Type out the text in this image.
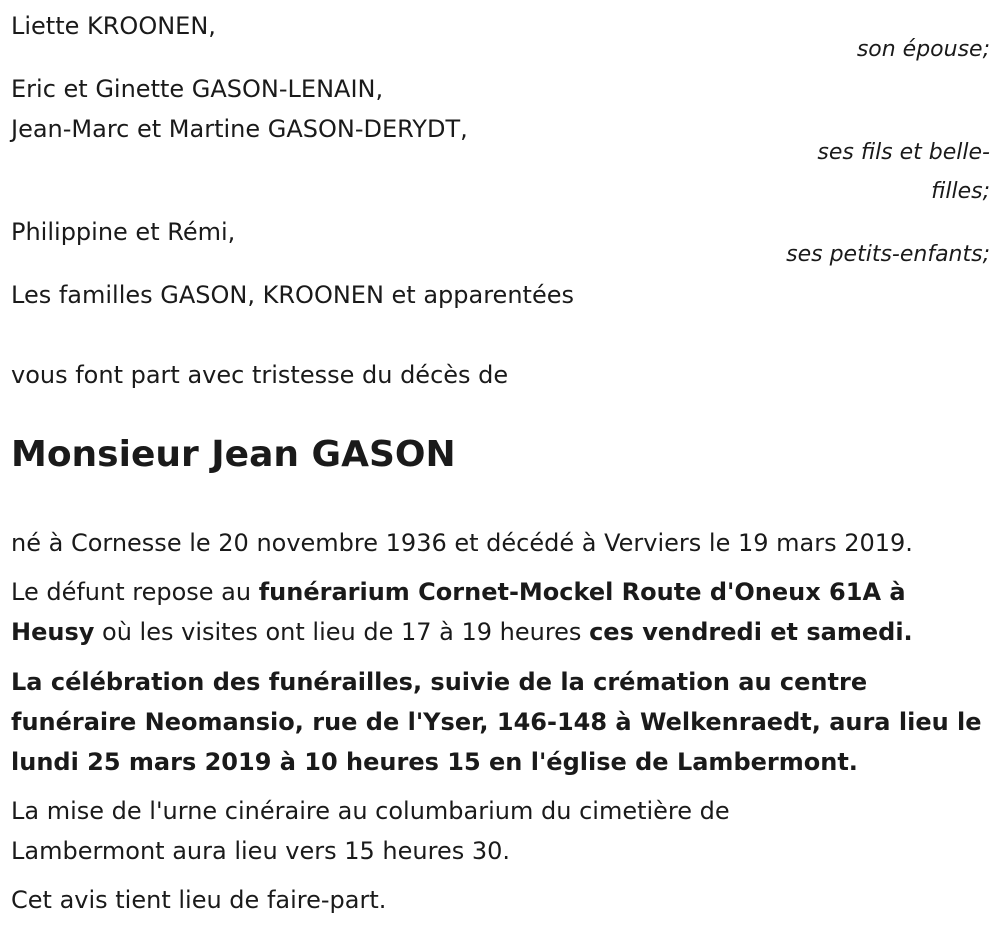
Liette KROONEN,
son épouse;
Eric et Ginette GASON-LENAIN,
Jean-Marc et Martine GASON-DERYDT,
ses fils et belle-
filles;
Philippine et Rémi,
ses petits-enfants;
Les familles GASON, KROONEN et apparentées
vous font part avec tristesse du décès de
Monsieur Jean GASON
né à Cornesse le 20 novembre 1936 et décédé à Verviers le 19 mars 2019.
Le défunt repose au funérarium Cornet-Mockel Route d'Oneux 61A à Heusy où les visites ont lieu de 17 à 19 heures ces vendredi et samedi.
La célébration des funérailles, suivie de la crémation au centre funéraire Neomansio, rue de l'Yser, 146-148 à Welkenraedt, aura lieu le lundi 25 mars 2019 à 10 heures 15 en l'église de Lambermont.
La mise de l'urne cinéraire au columbarium du cimetière de Lambermont aura lieu vers 15 heures 30.
Cet avis tient lieu de faire-part.
